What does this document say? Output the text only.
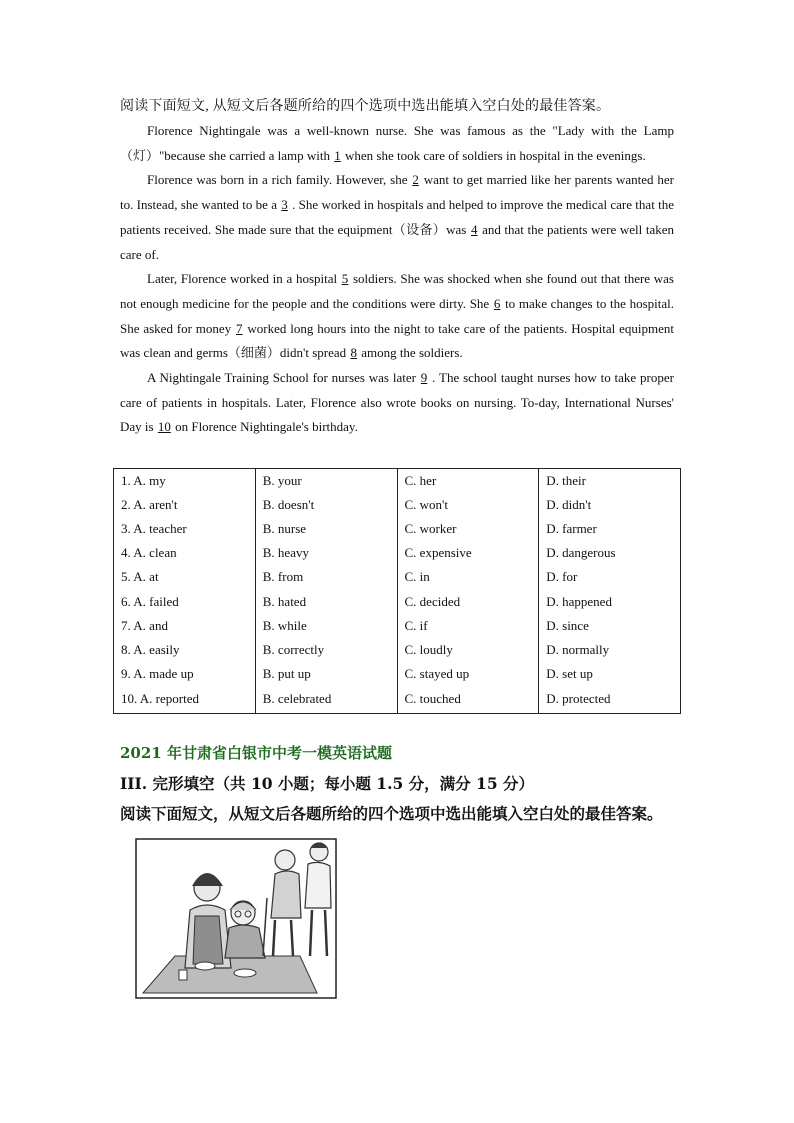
阅读下面短文, 从短文后各题所给的四个选项中选出能填入空白处的最佳答案。

Florence Nightingale was a well-known nurse. She was famous as the "Lady with the Lamp（灯）"because she carried a lamp with 1 when she took care of soldiers in hospital in the evenings.

Florence was born in a rich family. However, she 2 want to get married like her parents wanted her to. Instead, she wanted to be a 3 . She worked in hospitals and helped to improve the medical care that the patients received. She made sure that the equipment（设备）was 4 and that the patients were well taken care of.

Later, Florence worked in a hospital 5 soldiers. She was shocked when she found out that there was not enough medicine for the people and the conditions were dirty. She 6 to make changes to the hospital. She asked for money 7 worked long hours into the night to take care of the patients. Hospital equipment was clean and germs（细菌）didn't spread 8 among the soldiers.

A Nightingale Training School for nurses was later 9 . The school taught nurses how to take proper care of patients in hospitals. Later, Florence also wrote books on nursing. To-day, International Nurses' Day is 10 on Florence Nightingale's birthday.

1. A. my	B. your	C. her	D. their
2. A. aren't	B. doesn't	C. won't	D. didn't
3. A. teacher	B. nurse	C. worker	D. farmer
4. A. clean	B. heavy	C. expensive	D. dangerous
5. A. at	B. from	C. in	D. for
6. A. failed	B. hated	C. decided	D. happened
7. A. and	B. while	C. if	D. since
8. A. easily	B. correctly	C. loudly	D. normally
9. A. made up	B. put up	C. stayed up	D. set up
10. A. reported	B. celebrated	C. touched	D. protected
2021 年甘肃省白银市中考一模英语试题
III. 完形填空（共 10 小题；每小题 1.5 分，满分 15 分）
阅读下面短文，从短文后各题所给的四个选项中选出能填入空白处的最佳答案。
